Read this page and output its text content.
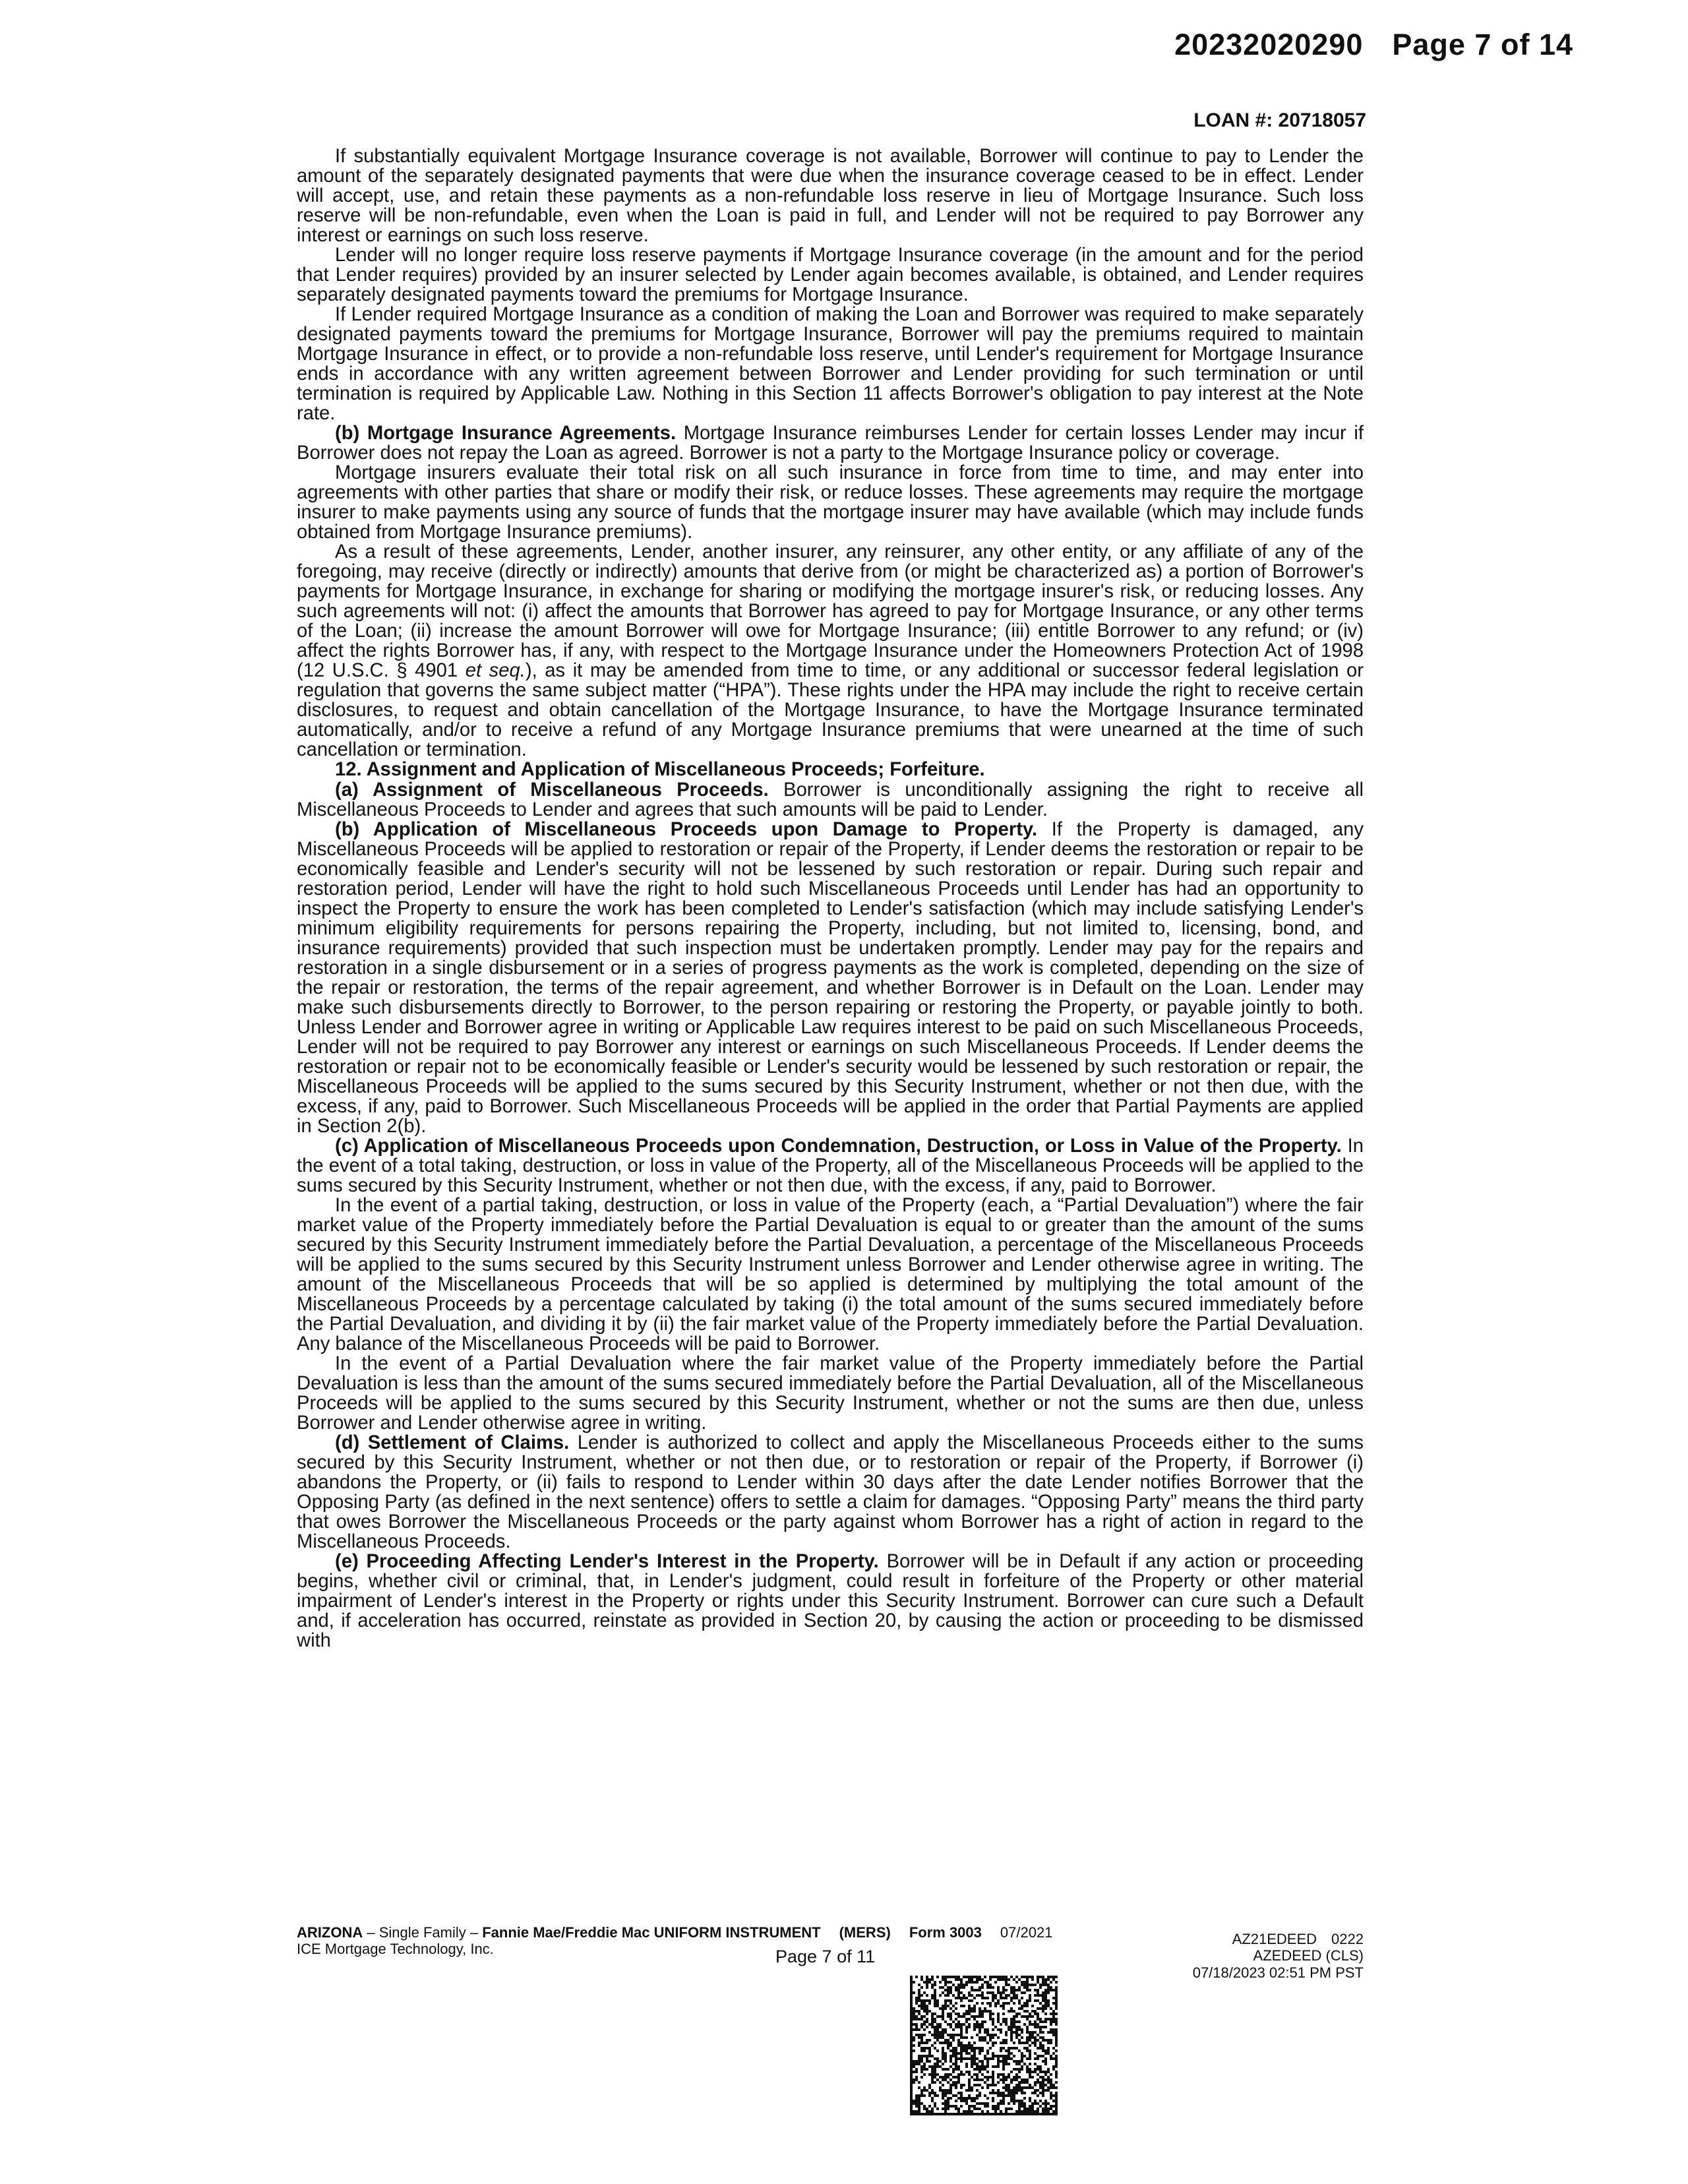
20232020290 Page 7 of 14
LOAN #: 20718057

If substantially equivalent Mortgage Insurance coverage is not available, Borrower will continue to pay to Lender the amount of the separately designated payments that were due when the insurance coverage ceased to be in effect. Lender will accept, use, and retain these payments as a non-refundable loss reserve in lieu of Mortgage Insurance. Such loss reserve will be non-refundable, even when the Loan is paid in full, and Lender will not be required to pay Borrower any interest or earnings on such loss reserve.

Lender will no longer require loss reserve payments if Mortgage Insurance coverage (in the amount and for the period that Lender requires) provided by an insurer selected by Lender again becomes available, is obtained, and Lender requires separately designated payments toward the premiums for Mortgage Insurance.

If Lender required Mortgage Insurance as a condition of making the Loan and Borrower was required to make separately designated payments toward the premiums for Mortgage Insurance, Borrower will pay the premiums required to maintain Mortgage Insurance in effect, or to provide a non-refundable loss reserve, until Lender's requirement for Mortgage Insurance ends in accordance with any written agreement between Borrower and Lender providing for such termination or until termination is required by Applicable Law. Nothing in this Section 11 affects Borrower's obligation to pay interest at the Note rate.

(b) Mortgage Insurance Agreements. Mortgage Insurance reimburses Lender for certain losses Lender may incur if Borrower does not repay the Loan as agreed. Borrower is not a party to the Mortgage Insurance policy or coverage.

Mortgage insurers evaluate their total risk on all such insurance in force from time to time, and may enter into agreements with other parties that share or modify their risk, or reduce losses. These agreements may require the mortgage insurer to make payments using any source of funds that the mortgage insurer may have available (which may include funds obtained from Mortgage Insurance premiums).

As a result of these agreements, Lender, another insurer, any reinsurer, any other entity, or any affiliate of any of the foregoing, may receive (directly or indirectly) amounts that derive from (or might be characterized as) a portion of Borrower's payments for Mortgage Insurance, in exchange for sharing or modifying the mortgage insurer's risk, or reducing losses. Any such agreements will not: (i) affect the amounts that Borrower has agreed to pay for Mortgage Insurance, or any other terms of the Loan; (ii) increase the amount Borrower will owe for Mortgage Insurance; (iii) entitle Borrower to any refund; or (iv) affect the rights Borrower has, if any, with respect to the Mortgage Insurance under the Homeowners Protection Act of 1998 (12 U.S.C. § 4901 et seq.), as it may be amended from time to time, or any additional or successor federal legislation or regulation that governs the same subject matter (“HPA”). These rights under the HPA may include the right to receive certain disclosures, to request and obtain cancellation of the Mortgage Insurance, to have the Mortgage Insurance terminated automatically, and/or to receive a refund of any Mortgage Insurance premiums that were unearned at the time of such cancellation or termination.

12. Assignment and Application of Miscellaneous Proceeds; Forfeiture.

(a) Assignment of Miscellaneous Proceeds. Borrower is unconditionally assigning the right to receive all Miscellaneous Proceeds to Lender and agrees that such amounts will be paid to Lender.

(b) Application of Miscellaneous Proceeds upon Damage to Property. If the Property is damaged, any Miscellaneous Proceeds will be applied to restoration or repair of the Property, if Lender deems the restoration or repair to be economically feasible and Lender's security will not be lessened by such restoration or repair. During such repair and restoration period, Lender will have the right to hold such Miscellaneous Proceeds until Lender has had an opportunity to inspect the Property to ensure the work has been completed to Lender's satisfaction (which may include satisfying Lender's minimum eligibility requirements for persons repairing the Property, including, but not limited to, licensing, bond, and insurance requirements) provided that such inspection must be undertaken promptly. Lender may pay for the repairs and restoration in a single disbursement or in a series of progress payments as the work is completed, depending on the size of the repair or restoration, the terms of the repair agreement, and whether Borrower is in Default on the Loan. Lender may make such disbursements directly to Borrower, to the person repairing or restoring the Property, or payable jointly to both. Unless Lender and Borrower agree in writing or Applicable Law requires interest to be paid on such Miscellaneous Proceeds, Lender will not be required to pay Borrower any interest or earnings on such Miscellaneous Proceeds. If Lender deems the restoration or repair not to be economically feasible or Lender's security would be lessened by such restoration or repair, the Miscellaneous Proceeds will be applied to the sums secured by this Security Instrument, whether or not then due, with the excess, if any, paid to Borrower. Such Miscellaneous Proceeds will be applied in the order that Partial Payments are applied in Section 2(b).

(c) Application of Miscellaneous Proceeds upon Condemnation, Destruction, or Loss in Value of the Property. In the event of a total taking, destruction, or loss in value of the Property, all of the Miscellaneous Proceeds will be applied to the sums secured by this Security Instrument, whether or not then due, with the excess, if any, paid to Borrower.

In the event of a partial taking, destruction, or loss in value of the Property (each, a “Partial Devaluation”) where the fair market value of the Property immediately before the Partial Devaluation is equal to or greater than the amount of the sums secured by this Security Instrument immediately before the Partial Devaluation, a percentage of the Miscellaneous Proceeds will be applied to the sums secured by this Security Instrument unless Borrower and Lender otherwise agree in writing. The amount of the Miscellaneous Proceeds that will be so applied is determined by multiplying the total amount of the Miscellaneous Proceeds by a percentage calculated by taking (i) the total amount of the sums secured immediately before the Partial Devaluation, and dividing it by (ii) the fair market value of the Property immediately before the Partial Devaluation. Any balance of the Miscellaneous Proceeds will be paid to Borrower.

In the event of a Partial Devaluation where the fair market value of the Property immediately before the Partial Devaluation is less than the amount of the sums secured immediately before the Partial Devaluation, all of the Miscellaneous Proceeds will be applied to the sums secured by this Security Instrument, whether or not the sums are then due, unless Borrower and Lender otherwise agree in writing.

(d) Settlement of Claims. Lender is authorized to collect and apply the Miscellaneous Proceeds either to the sums secured by this Security Instrument, whether or not then due, or to restoration or repair of the Property, if Borrower (i) abandons the Property, or (ii) fails to respond to Lender within 30 days after the date Lender notifies Borrower that the Opposing Party (as defined in the next sentence) offers to settle a claim for damages. “Opposing Party” means the third party that owes Borrower the Miscellaneous Proceeds or the party against whom Borrower has a right of action in regard to the Miscellaneous Proceeds.

(e) Proceeding Affecting Lender's Interest in the Property. Borrower will be in Default if any action or proceeding begins, whether civil or criminal, that, in Lender's judgment, could result in forfeiture of the Property or other material impairment of Lender's interest in the Property or rights under this Security Instrument. Borrower can cure such a Default and, if acceleration has occurred, reinstate as provided in Section 20, by causing the action or proceeding to be dismissed with

ARIZONA – Single Family – Fannie Mae/Freddie Mac UNIFORM INSTRUMENT (MERS) Form 3003 07/2021
ICE Mortgage Technology, Inc.	Page 7 of 11
AZ21EDEED 0222
AZEDEED (CLS)
07/18/2023 02:51 PM PST
